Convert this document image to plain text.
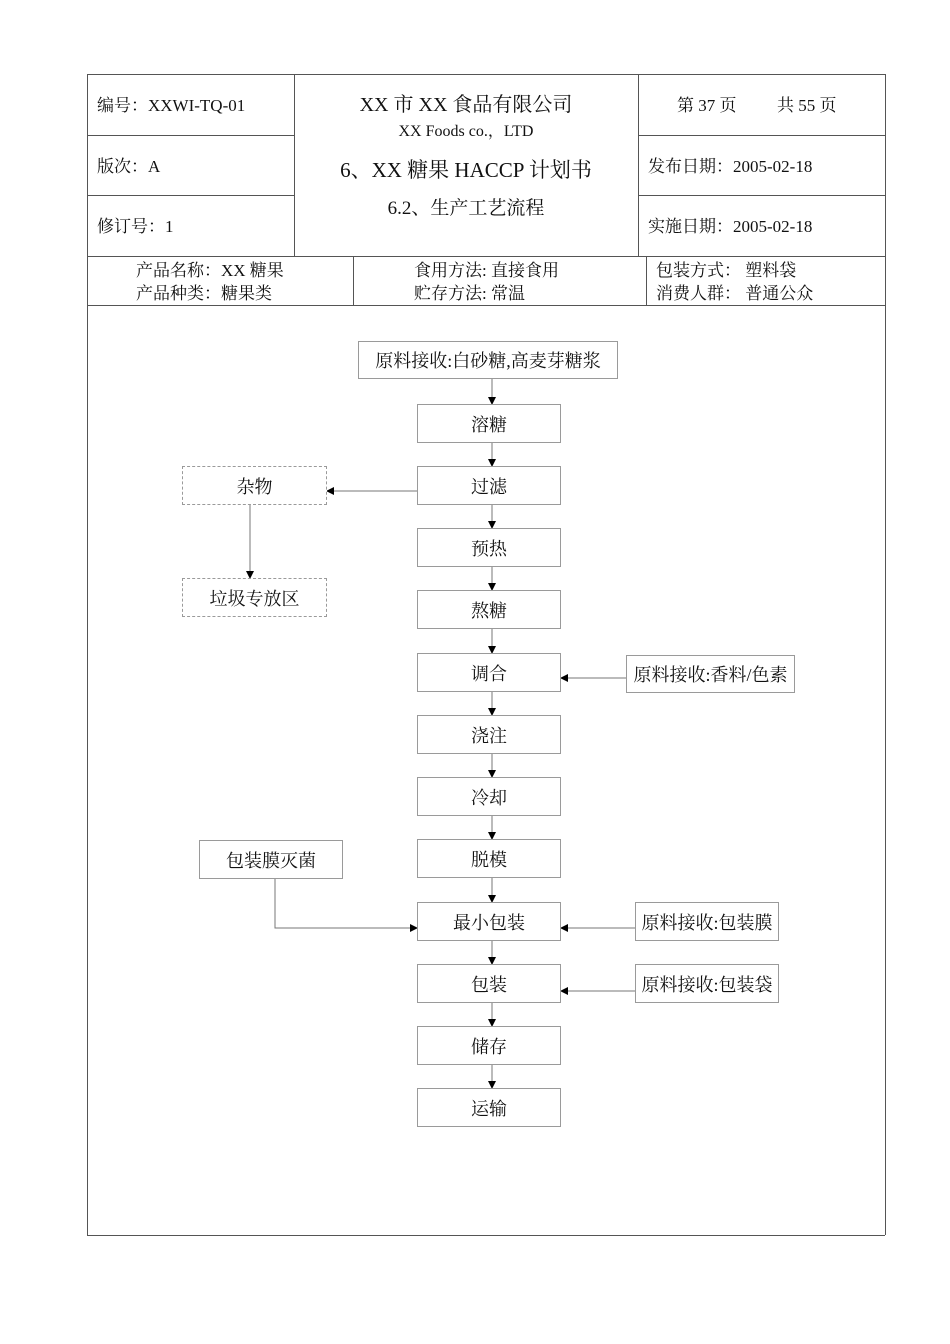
编号：XXWI-TQ-01
版次：A
修订号：1
XX 市 XX 食品有限公司
XX Foods co.，LTD
6、XX 糖果 HACCP 计划书
6.2、生产工艺流程
第 37 页 共 55 页
发布日期：2005-02-18
实施日期：2005-02-18
产品名称：XX 糖果
产品种类：糖果类
食用方法: 直接食用
贮存方法: 常温
包装方式： 塑料袋
消费人群： 普通公众
原料接收:白砂糖,高麦芽糖浆
溶糖
过滤
预热
熬糖
调合
浇注
冷却
脱模
最小包装
包装
储存
运输
杂物
垃圾专放区
原料接收:香料/色素
包装膜灭菌
原料接收:包装膜
原料接收:包装袋
